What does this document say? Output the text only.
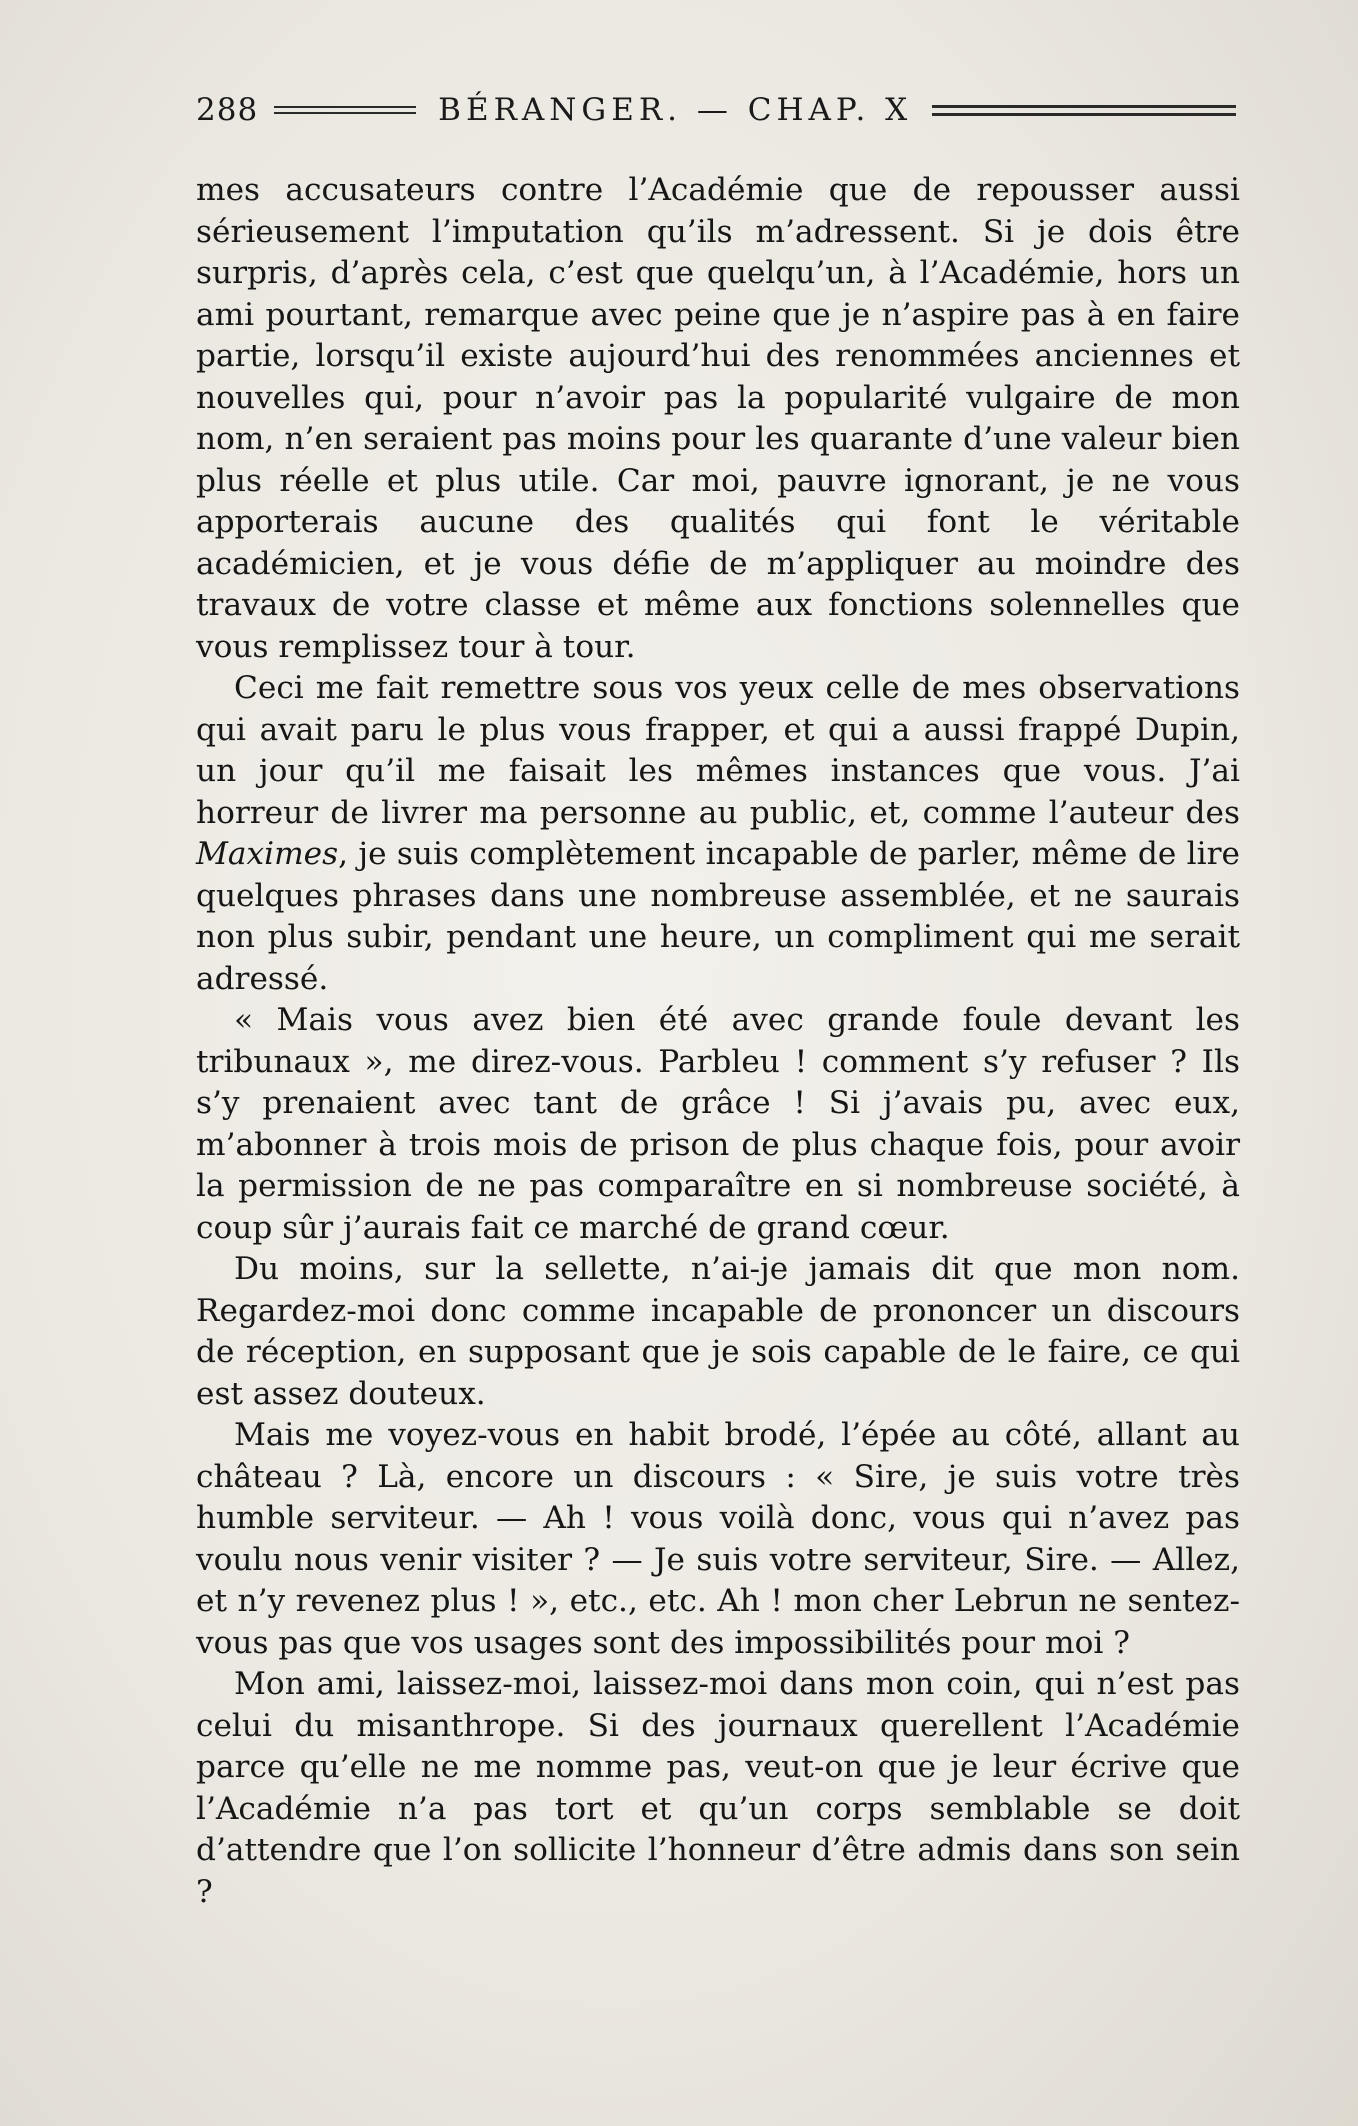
288	BÉRANGER. — CHAP. X

mes accusateurs contre l’Académie que de repousser aussi sérieusement l’imputation qu’ils m’adressent. Si je dois être surpris, d’après cela, c’est que quelqu’un, à l’Académie, hors un ami pourtant, remarque avec peine que je n’aspire pas à en faire partie, lorsqu’il existe aujourd’hui des renommées anciennes et nouvelles qui, pour n’avoir pas la popularité vulgaire de mon nom, n’en seraient pas moins pour les quarante d’une valeur bien plus réelle et plus utile. Car moi, pauvre ignorant, je ne vous apporterais aucune des qualités qui font le véritable académicien, et je vous défie de m’appliquer au moindre des travaux de votre classe et même aux fonctions solennelles que vous remplissez tour à tour.

Ceci me fait remettre sous vos yeux celle de mes observations qui avait paru le plus vous frapper, et qui a aussi frappé Dupin, un jour qu’il me faisait les mêmes instances que vous. J’ai horreur de livrer ma personne au public, et, comme l’auteur des Maximes, je suis complètement incapable de parler, même de lire quelques phrases dans une nombreuse assemblée, et ne saurais non plus subir, pendant une heure, un compliment qui me serait adressé.

« Mais vous avez bien été avec grande foule devant les tribunaux », me direz-vous. Parbleu ! comment s’y refuser ? Ils s’y prenaient avec tant de grâce ! Si j’avais pu, avec eux, m’abonner à trois mois de prison de plus chaque fois, pour avoir la permission de ne pas comparaître en si nombreuse société, à coup sûr j’aurais fait ce marché de grand cœur.

Du moins, sur la sellette, n’ai-je jamais dit que mon nom. Regardez-moi donc comme incapable de prononcer un discours de réception, en supposant que je sois capable de le faire, ce qui est assez douteux.

Mais me voyez-vous en habit brodé, l’épée au côté, allant au château ? Là, encore un discours : « Sire, je suis votre très humble serviteur. — Ah ! vous voilà donc, vous qui n’avez pas voulu nous venir visiter ? — Je suis votre serviteur, Sire. — Allez, et n’y revenez plus ! », etc., etc. Ah ! mon cher Lebrun ne sentez-vous pas que vos usages sont des impossibilités pour moi ?

Mon ami, laissez-moi, laissez-moi dans mon coin, qui n’est pas celui du misanthrope. Si des journaux querellent l’Académie parce qu’elle ne me nomme pas, veut-on que je leur écrive que l’Académie n’a pas tort et qu’un corps semblable se doit d’attendre que l’on sollicite l’honneur d’être admis dans son sein ?
